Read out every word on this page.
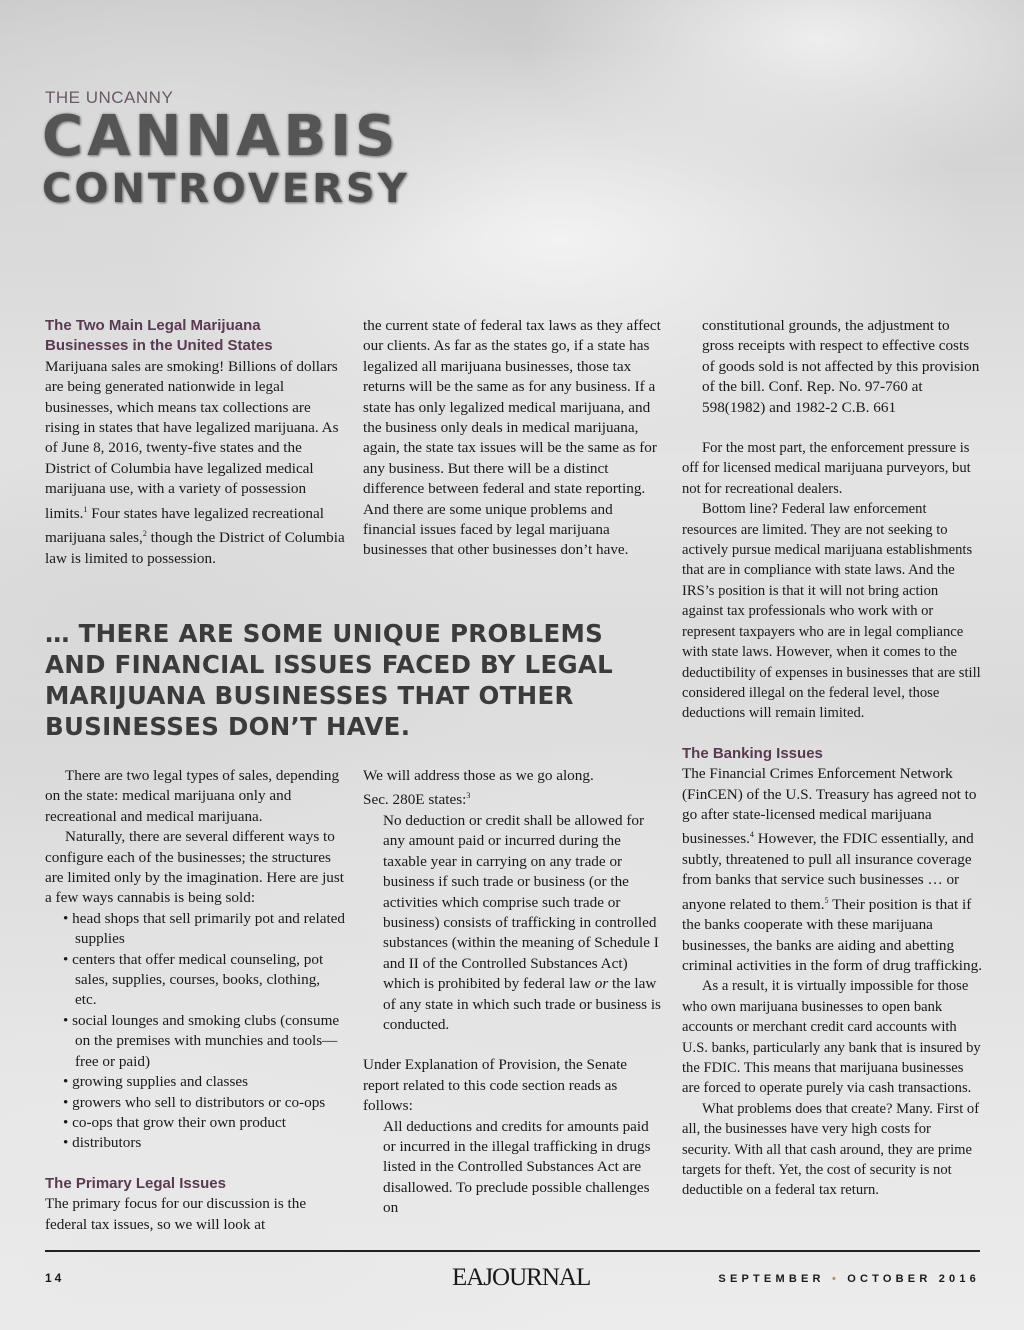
THE UNCANNY
CANNABIS
CONTROVERSY

The Two Main Legal Marijuana Businesses in the United States

Marijuana sales are smoking! Billions of dollars are being generated nationwide in legal businesses, which means tax collections are rising in states that have legalized marijuana. As of June 8, 2016, twenty-five states and the District of Columbia have legalized medical marijuana use, with a variety of possession limits.$^1$ Four states have legalized recreational marijuana sales,$^2$ though the District of Columbia law is limited to possession.

the current state of federal tax laws as they affect our clients. As far as the states go, if a state has legalized all marijuana businesses, those tax returns will be the same as for any business. If a state has only legalized medical marijuana, and the business only deals in medical marijuana, again, the state tax issues will be the same as for any business. But there will be a distinct difference between federal and state reporting. And there are some unique problems and financial issues faced by legal marijuana businesses that other businesses don’t have.

… THERE ARE SOME UNIQUE PROBLEMS AND FINANCIAL ISSUES FACED BY LEGAL MARIJUANA BUSINESSES THAT OTHER BUSINESSES DON’T HAVE.

There are two legal types of sales, depending on the state: medical marijuana only and recreational and medical marijuana.

Naturally, there are several different ways to configure each of the businesses; the structures are limited only by the imagination. Here are just a few ways cannabis is being sold:

• head shops that sell primarily pot and related supplies

• centers that offer medical counseling, pot sales, supplies, courses, books, clothing, etc.

• social lounges and smoking clubs (consume on the premises with munchies and tools—free or paid)

• growing supplies and classes

• growers who sell to distributors or co-ops

• co-ops that grow their own product

• distributors

The Primary Legal Issues

The primary focus for our discussion is the federal tax issues, so we will look at

We will address those as we go along.

Sec. 280E states:$^3$

No deduction or credit shall be allowed for any amount paid or incurred during the taxable year in carrying on any trade or business if such trade or business (or the activities which comprise such trade or business) consists of trafficking in controlled substances (within the meaning of Schedule I and II of the Controlled Substances Act) which is prohibited by federal law or the law of any state in which such trade or business is conducted.

Under Explanation of Provision, the Senate report related to this code section reads as follows:

All deductions and credits for amounts paid or incurred in the illegal trafficking in drugs listed in the Controlled Substances Act are disallowed. To preclude possible challenges on

constitutional grounds, the adjustment to gross receipts with respect to effective costs of goods sold is not affected by this provision of the bill. Conf. Rep. No. 97-760 at 598(1982) and 1982-2 C.B. 661

For the most part, the enforcement pressure is off for licensed medical marijuana purveyors, but not for recreational dealers.

Bottom line? Federal law enforcement resources are limited. They are not seeking to actively pursue medical marijuana establishments that are in compliance with state laws. And the IRS’s position is that it will not bring action against tax professionals who work with or represent taxpayers who are in legal compliance with state laws. However, when it comes to the deductibility of expenses in businesses that are still considered illegal on the federal level, those deductions will remain limited.

The Banking Issues

The Financial Crimes Enforcement Network (FinCEN) of the U.S. Treasury has agreed not to go after state-licensed medical marijuana businesses.$^4$ However, the FDIC essentially, and subtly, threatened to pull all insurance coverage from banks that service such businesses … or anyone related to them.$^5$ Their position is that if the banks cooperate with these marijuana businesses, the banks are aiding and abetting criminal activities in the form of drug trafficking.

As a result, it is virtually impossible for those who own marijuana businesses to open bank accounts or merchant credit card accounts with U.S. banks, particularly any bank that is insured by the FDIC. This means that marijuana businesses are forced to operate purely via cash transactions.

What problems does that create? Many. First of all, the businesses have very high costs for security. With all that cash around, they are prime targets for theft. Yet, the cost of security is not deductible on a federal tax return.

14	EAJOURNAL	SEPTEMBER • OCTOBER 2016
